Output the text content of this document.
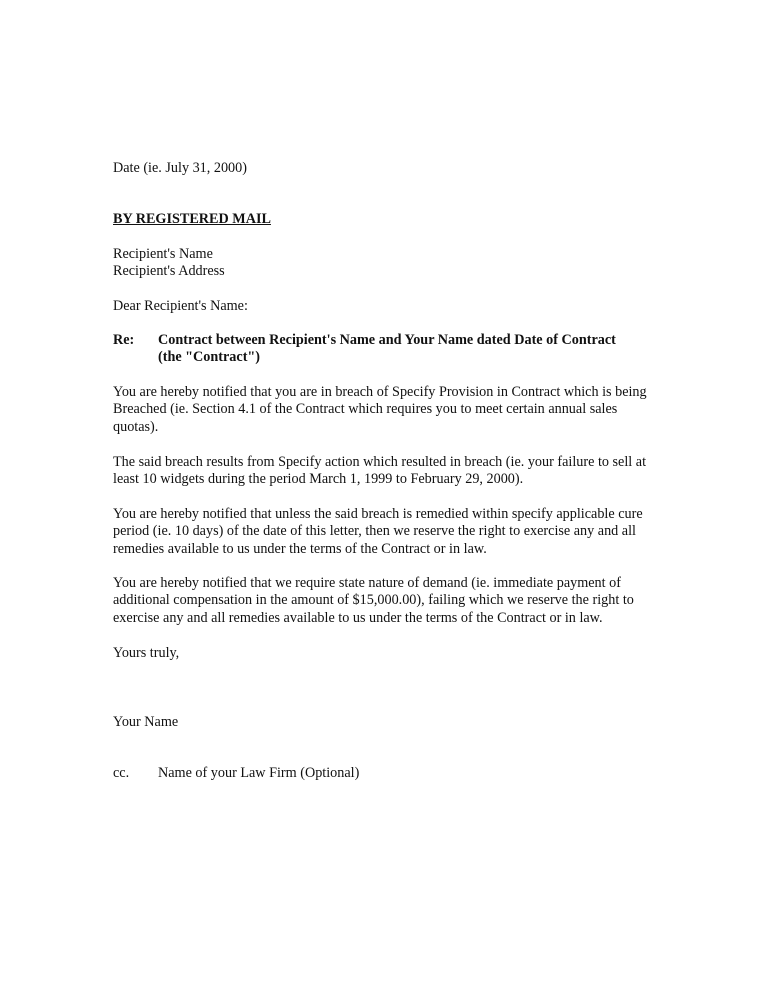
Date (ie. July 31, 2000)

BY REGISTERED MAIL

Recipient's Name
Recipient's Address

Dear Recipient's Name:

Re: Contract between Recipient's Name and Your Name dated Date of Contract
(the "Contract")

You are hereby notified that you are in breach of Specify Provision in Contract which is being Breached (ie. Section 4.1 of the Contract which requires you to meet certain annual sales quotas).

The said breach results from Specify action which resulted in breach (ie. your failure to sell at least 10 widgets during the period March 1, 1999 to February 29, 2000).

You are hereby notified that unless the said breach is remedied within specify applicable cure period (ie. 10 days) of the date of this letter, then we reserve the right to exercise any and all remedies available to us under the terms of the Contract or in law.

You are hereby notified that we require state nature of demand (ie. immediate payment of additional compensation in the amount of $15,000.00), failing which we reserve the right to exercise any and all remedies available to us under the terms of the Contract or in law.

Yours truly,

Your Name

cc. Name of your Law Firm (Optional)
